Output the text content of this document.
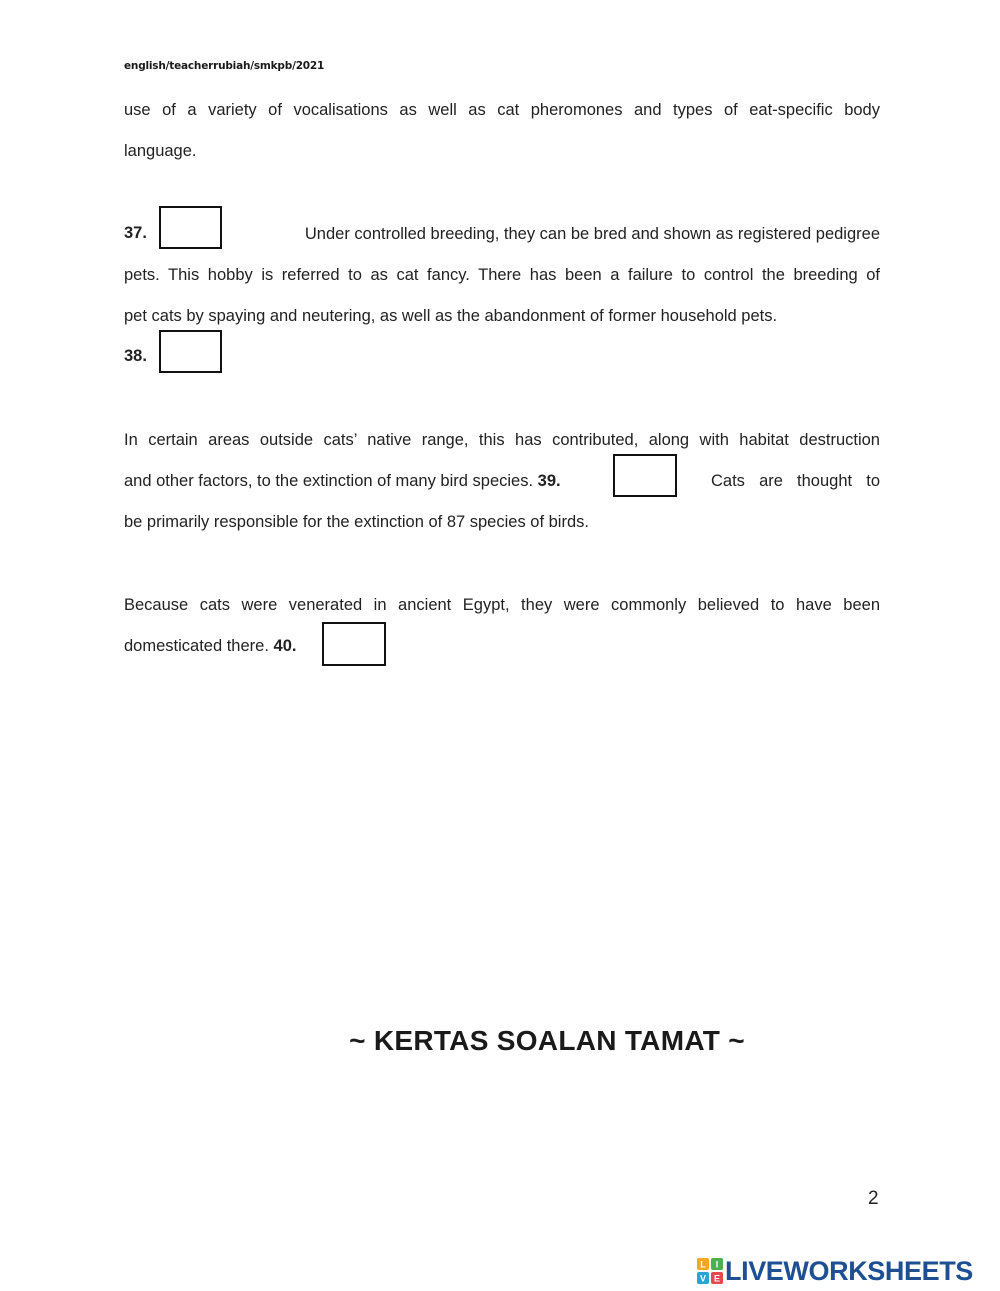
english/teacherrubiah/smkpb/2021
use of a variety of vocalisations as well as cat pheromones and types of eat-specific body
language.
37.	Under controlled breeding, they can be bred and shown as registered pedigree
pets. This hobby is referred to as cat fancy. There has been a failure to control the breeding of
pet cats by spaying and neutering, as well as the abandonment of former household pets.
38.
In certain areas outside cats’ native range, this has contributed, along with habitat destruction
and other factors, to the extinction of many bird species. 39.	Cats are thought to
be primarily responsible for the extinction of 87 species of birds.
Because cats were venerated in ancient Egypt, they were commonly believed to have been
domesticated there. 40.
~ KERTAS SOALAN TAMAT ~
2
L I
V E LIVEWORKSHEETS
